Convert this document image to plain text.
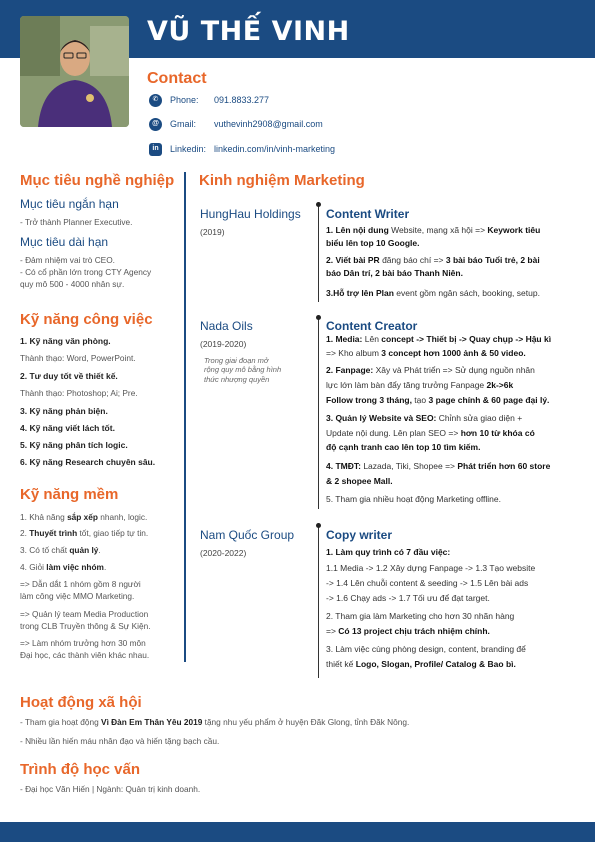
VŨ THẾ VINH
Contact
✆	Phone:	091.8833.277
@	Gmail:	vuthevinh2908@gmail.com
in	Linkedin: linkedin.com/in/vinh-marketing
Mục tiêu nghề nghiệp
Mục tiêu ngắn hạn
- Trở thành Planner Executive.
Mục tiêu dài hạn
- Đảm nhiệm vai trò CEO.
- Có cổ phần lớn trong CTY Agency
quy mô 500 - 4000 nhân sự.
Kỹ năng công việc
1. Kỹ năng văn phòng.
Thành thạo: Word, PowerPoint.
2. Tư duy tốt về thiết kế.
Thành thạo: Photoshop; Ai; Pre.
3. Kỹ năng phản biện.
4. Kỹ năng viết lách tốt.
5. Kỹ năng phân tích logic.
6. Kỹ năng Research chuyên sâu.
Kỹ năng mềm
1. Khả năng sắp xếp nhanh, logic.
2. Thuyết trình tốt, giao tiếp tự tin.
3. Có tố chất quản lý.
4. Giỏi làm việc nhóm.
=> Dẫn dắt 1 nhóm gồm 8 người
làm công việc MMO Marketing.
=> Quản lý team Media Production
trong CLB Truyền thông & Sự Kiện.
=> Làm nhóm trưởng hơn 30 môn
Đại học, các thành viên khác nhau.
Kinh nghiệm Marketing
HungHau Holdings
(2019)
Content Writer
1. Lên nội dung Website, mạng xã hội => Keywork tiêu
biểu lên top 10 Google.
2. Viết bài PR đăng báo chí => 3 bài báo Tuổi trẻ, 2 bài
báo Dân trí, 2 bài báo Thanh Niên.
3.Hỗ trợ lên Plan event gồm ngân sách, booking, setup.
Nada Oils
(2019-2020)
Trong giai đoạn mở
rộng quy mô bằng hình
thức nhượng quyền
Content Creator
1. Media: Lên concept -> Thiết bị -> Quay chụp -> Hậu kì
=> Kho album 3 concept hơn 1000 ảnh & 50 video.
2. Fanpage: Xây và Phát triển => Sử dụng nguồn nhân
lực lớn làm bàn đẩy tăng trưởng Fanpage 2k->6k
Follow trong 3 tháng, tạo 3 page chính & 60 page đại lý.
3. Quản lý Website và SEO: Chỉnh sửa giao diện +
Update nội dung. Lên plan SEO => hơn 10 từ khóa có
độ cạnh tranh cao lên top 10 tìm kiếm.
4. TMĐT: Lazada, Tiki, Shopee => Phát triển hơn 60 store
& 2 shopee Mall.
5. Tham gia nhiều hoạt động Marketing offline.
Nam Quốc Group
(2020-2022)
Copy writer
1. Làm quy trình có 7 đầu việc:
1.1 Media -> 1.2 Xây dựng Fanpage -> 1.3 Tạo website
-> 1.4 Lên chuỗi content & seeding -> 1.5 Lên bài ads
-> 1.6 Chạy ads -> 1.7 Tối ưu để đạt target.
2. Tham gia làm Marketing cho hơn 30 nhãn hàng
=> Có 13 project chịu trách nhiệm chính.
3. Làm việc cùng phòng design, content, branding để
thiết kế Logo, Slogan, Profile/ Catalog & Bao bì.
Hoạt động xã hội
- Tham gia hoạt động Vì Đàn Em Thân Yêu 2019 tặng nhu yếu phẩm ở huyện Đăk Glong, tỉnh Đăk Nông.
- Nhiều lần hiến máu nhân đạo và hiến tặng bạch cầu.
Trình độ học vấn
- Đại học Văn Hiến | Ngành: Quản trị kinh doanh.
